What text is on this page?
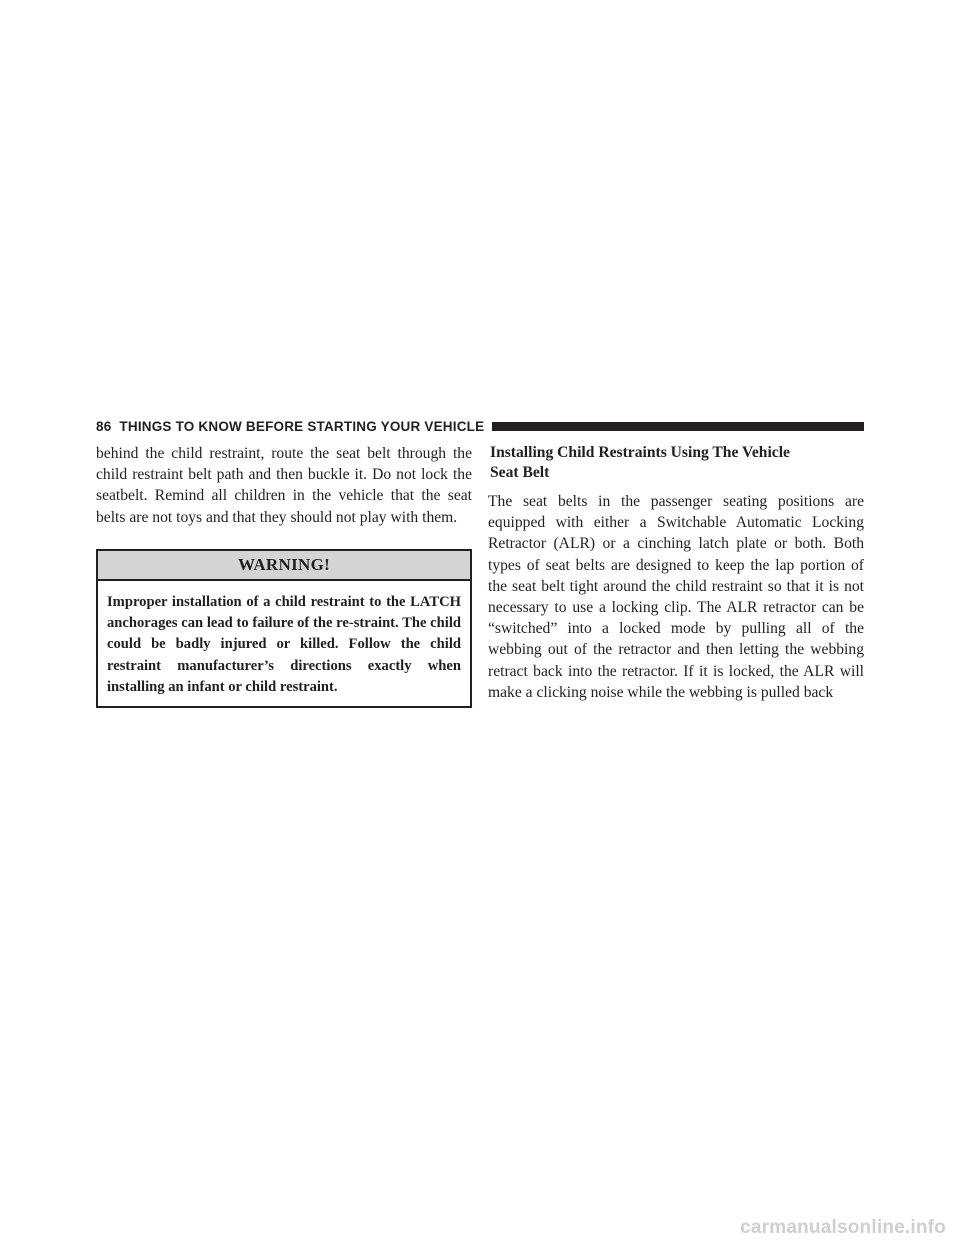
86 THINGS TO KNOW BEFORE STARTING YOUR VEHICLE

behind the child restraint, route the seat belt through the child restraint belt path and then buckle it. Do not lock the seatbelt. Remind all children in the vehicle that the seat belts are not toys and that they should not play with them.

WARNING!
Improper installation of a child restraint to the LATCH anchorages can lead to failure of the re-straint. The child could be badly injured or killed. Follow the child restraint manufacturer’s directions exactly when installing an infant or child restraint.
Installing Child Restraints Using The Vehicle
Seat Belt

The seat belts in the passenger seating positions are equipped with either a Switchable Automatic Locking Retractor (ALR) or a cinching latch plate or both. Both types of seat belts are designed to keep the lap portion of the seat belt tight around the child restraint so that it is not necessary to use a locking clip. The ALR retractor can be “switched” into a locked mode by pulling all of the webbing out of the retractor and then letting the webbing retract back into the retractor. If it is locked, the ALR will make a clicking noise while the webbing is pulled back

carmanualsonline.info
